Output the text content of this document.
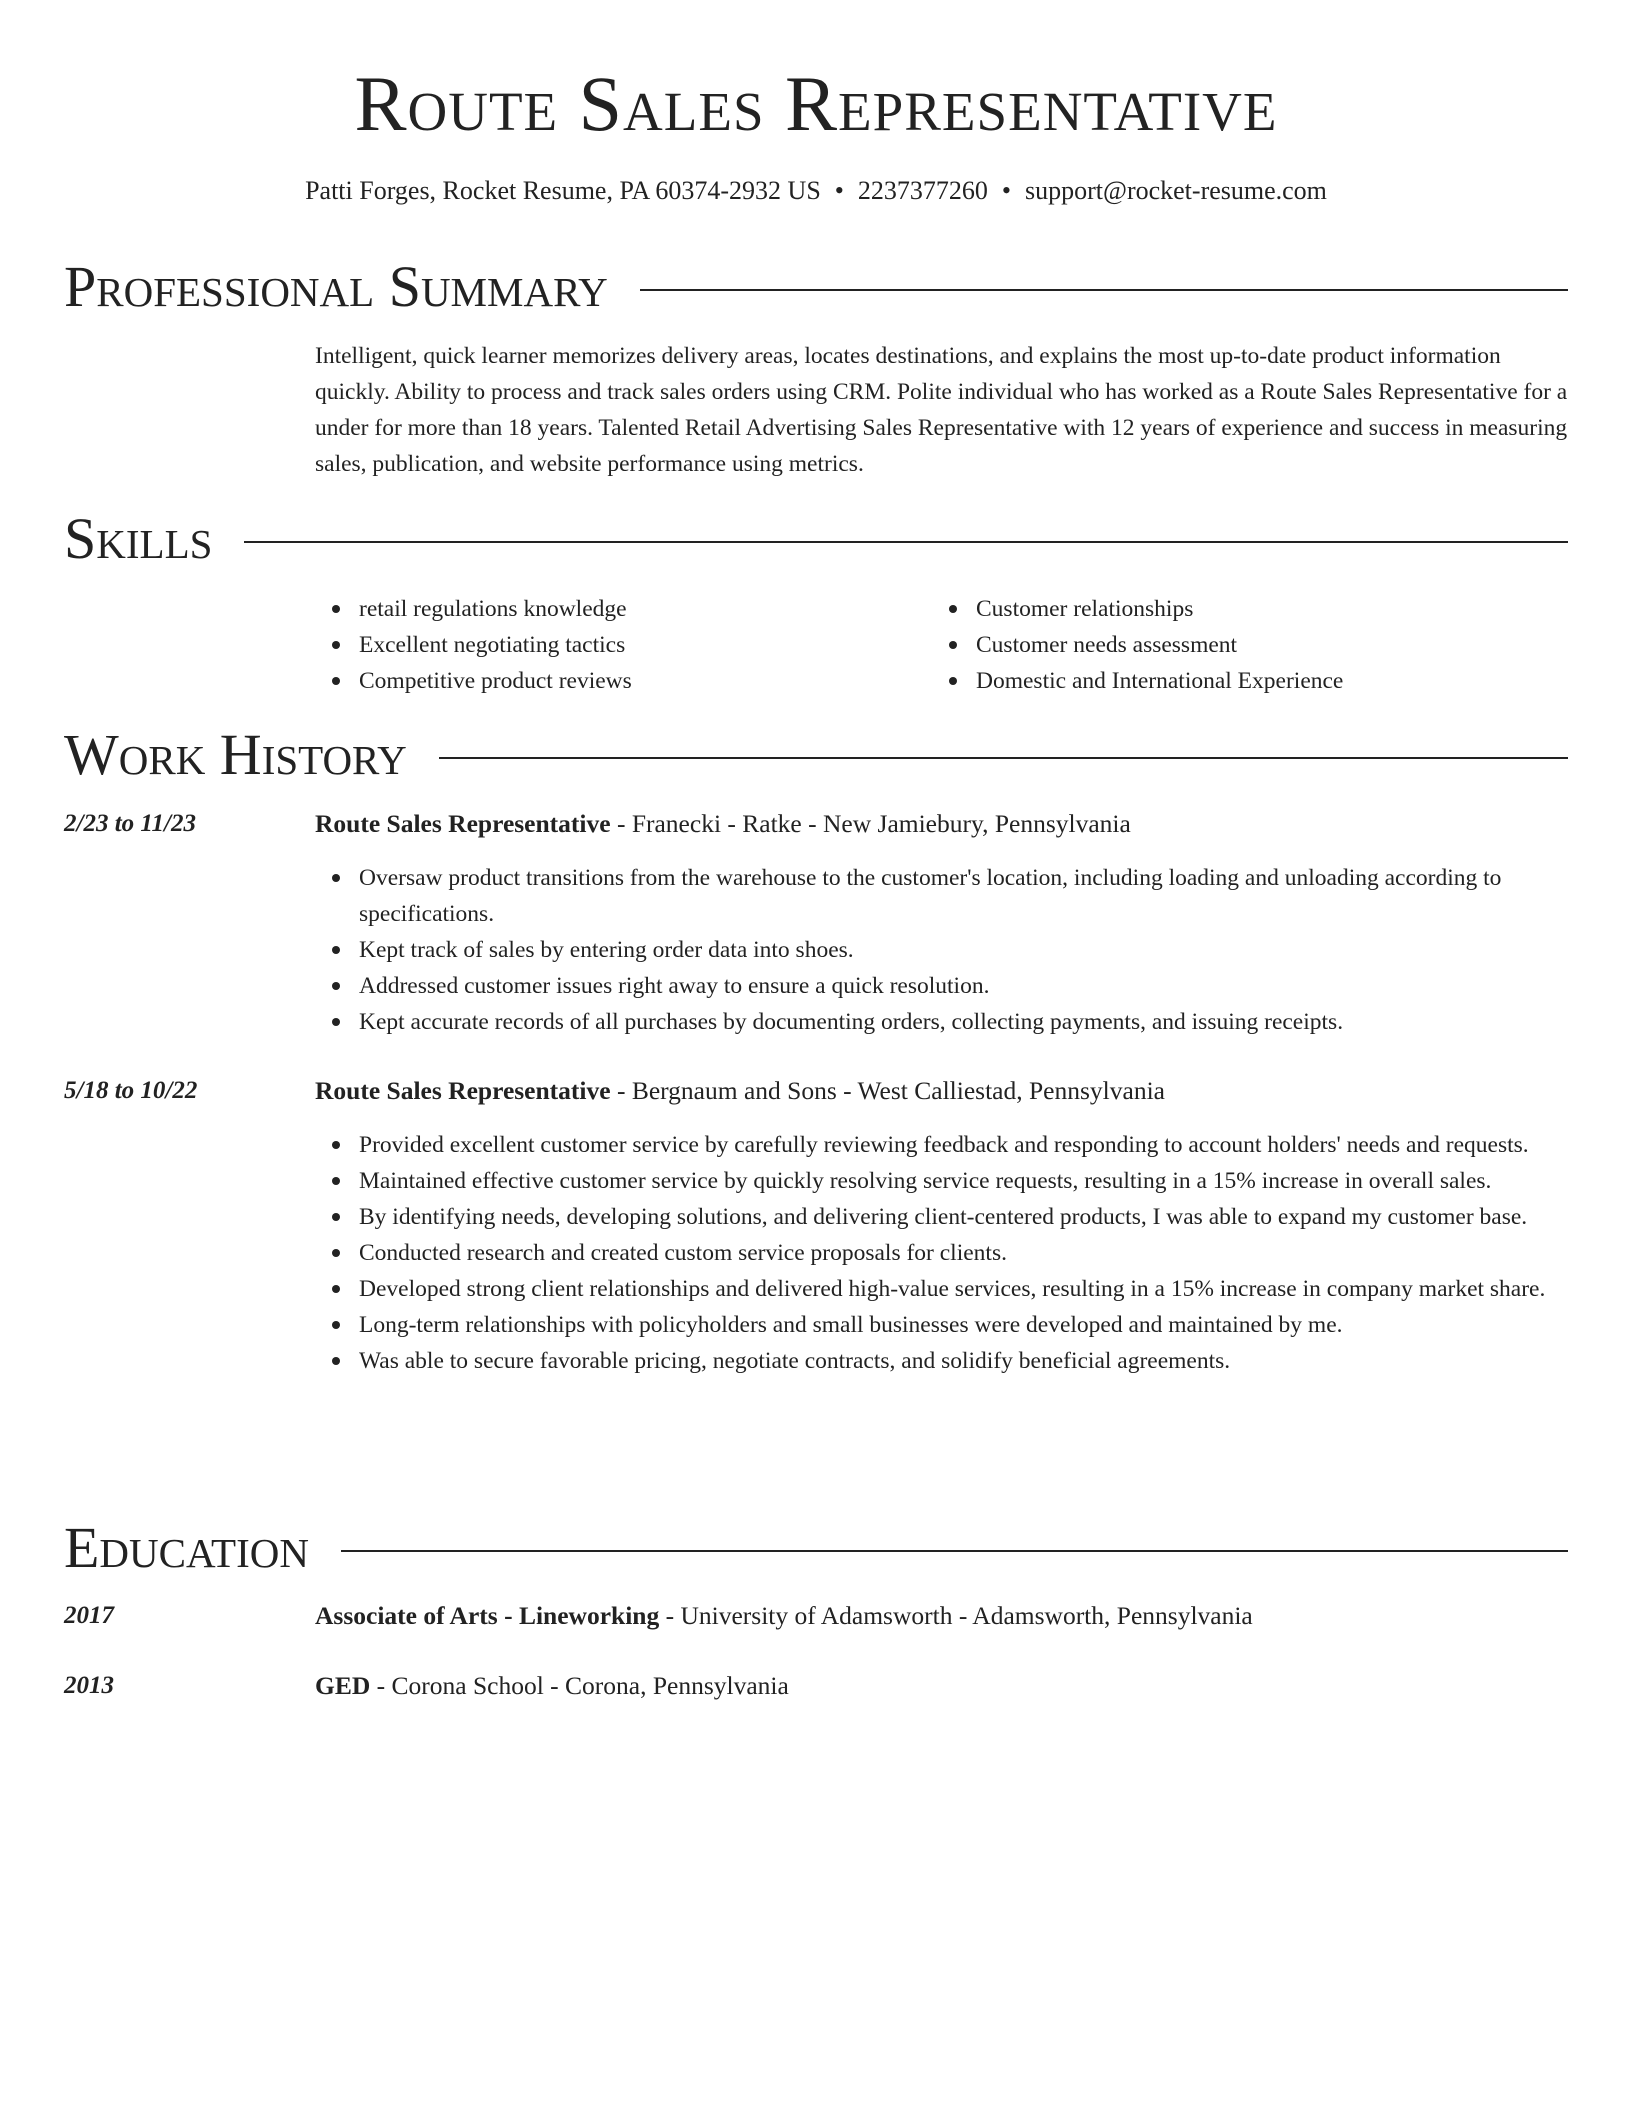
Route Sales Representative
Patti Forges, Rocket Resume, PA 60374-2932 US • 2237377260 • support@rocket-resume.com
Professional Summary
Intelligent, quick learner memorizes delivery areas, locates destinations, and explains the most up-to-date product information quickly. Ability to process and track sales orders using CRM. Polite individual who has worked as a Route Sales Representative for a under for more than 18 years. Talented Retail Advertising Sales Representative with 12 years of experience and success in measuring sales, publication, and website performance using metrics.
Skills
retail regulations knowledge
Excellent negotiating tactics
Competitive product reviews
Customer relationships
Customer needs assessment
Domestic and International Experience
Work History
2/23 to 11/23	Route Sales Representative - Franecki - Ratke - New Jamiebury, Pennsylvania
Oversaw product transitions from the warehouse to the customer's location, including loading and unloading according to specifications.
Kept track of sales by entering order data into shoes.
Addressed customer issues right away to ensure a quick resolution.
Kept accurate records of all purchases by documenting orders, collecting payments, and issuing receipts.
5/18 to 10/22	Route Sales Representative - Bergnaum and Sons - West Calliestad, Pennsylvania
Provided excellent customer service by carefully reviewing feedback and responding to account holders' needs and requests.
Maintained effective customer service by quickly resolving service requests, resulting in a 15% increase in overall sales.
By identifying needs, developing solutions, and delivering client-centered products, I was able to expand my customer base.
Conducted research and created custom service proposals for clients.
Developed strong client relationships and delivered high-value services, resulting in a 15% increase in company market share.
Long-term relationships with policyholders and small businesses were developed and maintained by me.
Was able to secure favorable pricing, negotiate contracts, and solidify beneficial agreements.
Education
2017	Associate of Arts - Lineworking - University of Adamsworth - Adamsworth, Pennsylvania
2013	GED - Corona School - Corona, Pennsylvania
